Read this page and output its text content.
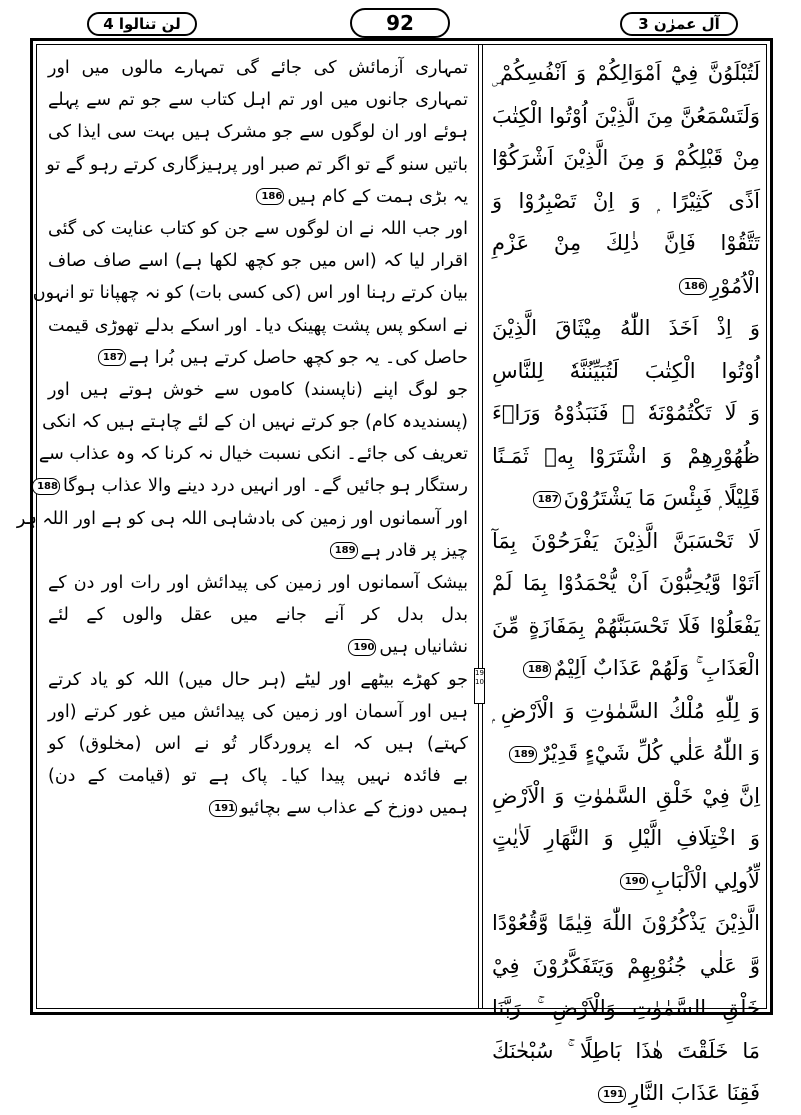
لن تنالوا 4	92	آل عمرٰن 3
19
10
لَتُبْلَوُنَّ فِيْٓ اَمْوَالِكُمْ وَ اَنْفُسِكُمْ ۣ
وَلَتَسْمَعُنَّ مِنَ الَّذِيْنَ اُوْتُوا الْكِتٰبَ
مِنْ قَبْلِكُمْ وَ مِنَ الَّذِيْنَ اَشْرَكُوْٓا
اَذًى كَثِيْرًا ۭ وَ اِنْ تَصْبِرُوْا وَ
تَتَّقُوْا فَاِنَّ ذٰلِكَ مِنْ عَزْمِ
الْاُمُوْرِ186
وَ اِذْ اَخَذَ اللّٰهُ مِيْثَاقَ الَّذِيْنَ
اُوْتُوا الْكِتٰبَ لَتُبَيِّنُنَّهٗ لِلنَّاسِ
وَ لَا تَكْتُمُوْنَهٗ ۡ فَنَبَذُوْهُ وَرَاۗءَ
ظُهُوْرِهِمْ وَ اشْتَرَوْا بِهٖ ثَمَـنًا
قَلِيْلًا ۭ فَبِئْسَ مَا يَشْتَرُوْنَ187
لَا تَحْسَبَنَّ الَّذِيْنَ يَفْرَحُوْنَ بِمَآ
اَتَوْا وَّيُحِبُّوْنَ اَنْ يُّحْمَدُوْا بِمَا لَمْ
يَفْعَلُوْا فَلَا تَحْسَبَنَّھُمْ بِمَفَازَةٍ مِّنَ
الْعَذَابِ ۚ وَلَھُمْ عَذَابٌ اَلِيْمٌ188
وَ لِلّٰهِ مُلْكُ السَّمٰوٰتِ وَ الْاَرْضِ ۭ
وَ اللّٰهُ عَلٰي كُلِّ شَيْءٍ قَدِيْرٌ189
اِنَّ فِيْ خَلْقِ السَّمٰوٰتِ وَ الْاَرْضِ
وَ اخْتِلَافِ الَّيْلِ وَ النَّهَارِ لَاٰيٰتٍ
لِّاُولِي الْاَلْبَابِ190
الَّذِيْنَ يَذْكُرُوْنَ اللّٰهَ قِيٰمًا وَّقُعُوْدًا
وَّ عَلٰي جُنُوْبِهِمْ وَيَتَفَكَّرُوْنَ فِيْ
خَلْقِ السَّمٰوٰتِ وَالْاَرْضِ ۚ رَبَّنَا
مَا خَلَقْتَ ھٰذَا بَاطِلًا ۚ سُبْحٰنَكَ
فَقِنَا عَذَابَ النَّارِ191
تمہاری آزمائش کی جائے گی تمہارے مالوں میں اور
تمہاری جانوں میں اور تم اہل کتاب سے جو تم سے پہلے
ہوئے اور ان لوگوں سے جو مشرک ہیں بہت سی ایذا کی
باتیں سنو گے تو اگر تم صبر اور پرہیزگاری کرتے رہو گے تو
یہ بڑی ہمت کے کام ہیں186
اور جب اللہ نے ان لوگوں سے جن کو کتاب عنایت کی گئی
اقرار لیا کہ (اس میں جو کچھ لکھا ہے) اسے صاف صاف
بیان کرتے رہنا اور اس (کی کسی بات) کو نہ چھپانا تو انہوں
نے اسکو پس پشت پھینک دیا۔ اور اسکے بدلے تھوڑی قیمت
حاصل کی۔ یہ جو کچھ حاصل کرتے ہیں بُرا ہے187
جو لوگ اپنے (ناپسند) کاموں سے خوش ہوتے ہیں اور
(پسندیدہ کام) جو کرتے نہیں ان کے لئے چاہتے ہیں کہ انکی
تعریف کی جائے۔ انکی نسبت خیال نہ کرنا کہ وہ عذاب سے
رستگار ہو جائیں گے۔ اور انہیں درد دینے والا عذاب ہوگا188
اور آسمانوں اور زمین کی بادشاہی اللہ ہی کو ہے اور اللہ ہر
چیز پر قادر ہے189
بیشک آسمانوں اور زمین کی پیدائش اور رات اور دن کے
بدل بدل کر آنے جانے میں عقل والوں کے لئے
نشانیاں ہیں190
جو کھڑے بیٹھے اور لیٹے (ہر حال میں) اللہ کو یاد کرتے
ہیں اور آسمان اور زمین کی پیدائش میں غور کرتے (اور
کہتے) ہیں کہ اے پروردگار تُو نے اس (مخلوق) کو
بے فائدہ نہیں پیدا کیا۔ پاک ہے تو (قیامت کے دن)
ہمیں دوزخ کے عذاب سے بچائیو191
